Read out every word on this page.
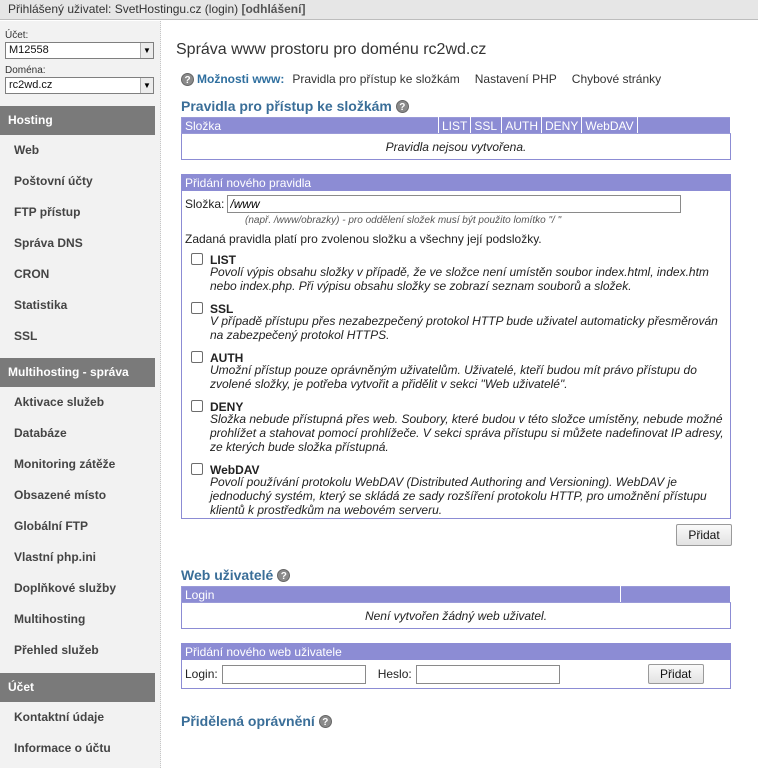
Přihlášený uživatel: SvetHostingu.cz (login) [odhlášení]
Účet:
M12558	▼
Doména:
rc2wd.cz	▼
Hosting
Web
Poštovní účty
FTP přístup
Správa DNS
CRON
Statistika
SSL
Multihosting - správa
Aktivace služeb
Databáze
Monitoring zátěže
Obsazené místo
Globální FTP
Vlastní php.ini
Doplňkové služby
Multihosting
Přehled služeb
Účet
Kontaktní údaje
Informace o účtu
Správa www prostoru pro doménu rc2wd.cz
? Možnosti www: Pravidla pro přístup ke složkám Nastavení PHP Chybové stránky
Pravidla pro přístup ke složkám ?
Složka	LIST	SSL	AUTH	DENY	WebDAV	
Pravidla nejsou vytvořena.
Přidání nového pravidla
Složka:
/www
(např. /www/obrazky) - pro oddělení složek musí být použito lomítko "/ "
Zadaná pravidla platí pro zvolenou složku a všechny její podsložky.
LIST
Povolí výpis obsahu složky v případě, že ve složce není umístěn soubor index.html, index.htm nebo index.php. Při výpisu obsahu složky se zobrazí seznam souborů a složek.
SSL
V případě přístupu přes nezabezpečený protokol HTTP bude uživatel automaticky přesměrován na zabezpečený protokol HTTPS.
AUTH
Umožní přístup pouze oprávněným uživatelům. Uživatelé, kteří budou mít právo přístupu do zvolené složky, je potřeba vytvořit a přidělit v sekci "Web uživatelé".
DENY
Složka nebude přístupná přes web. Soubory, které budou v této složce umístěny, nebude možné prohlížet a stahovat pomocí prohlížeče. V sekci správa přístupu si můžete nadefinovat IP adresy, ze kterých bude složka přístupná.
WebDAV
Povolí používání protokolu WebDAV (Distributed Authoring and Versioning). WebDAV je jednoduchý systém, který se skládá ze sady rozšíření protokolu HTTP, pro umožnění přístupu klientů k prostředkům na webovém serveru.
Přidat
Web uživatelé ?
Login	
Není vytvořen žádný web uživatel.
Přidání nového web uživatele
Login:	Heslo:	Přidat
Přidělená oprávnění ?
